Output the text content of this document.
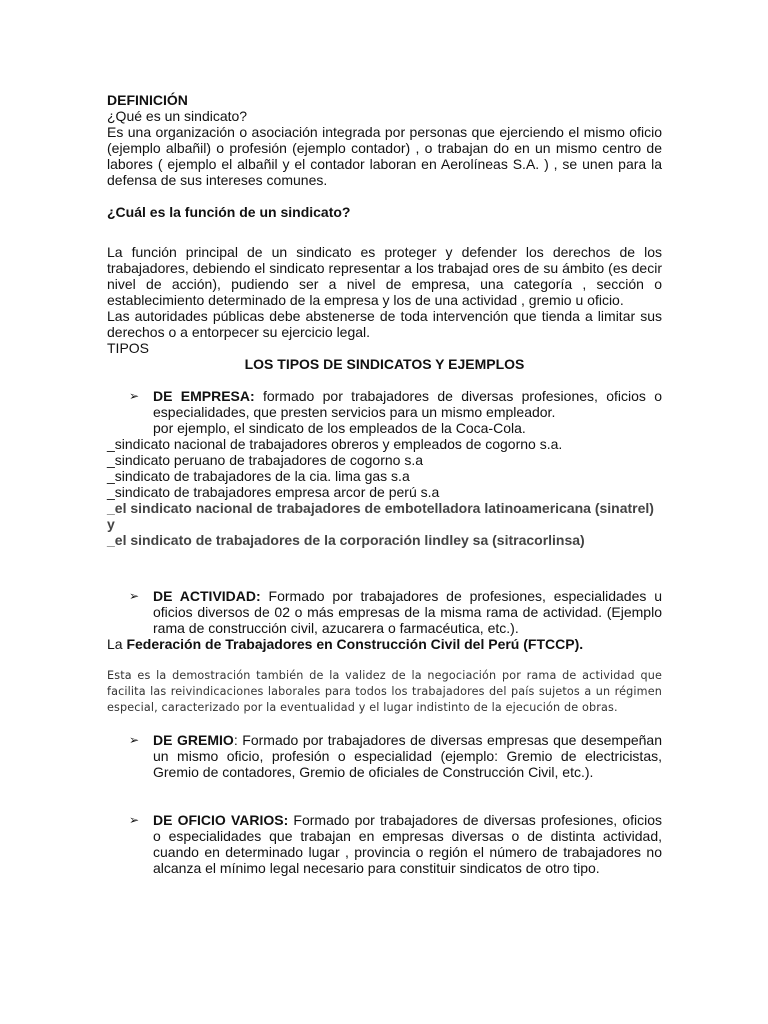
DEFINICIÓN

¿Qué es un sindicato?

Es una organización o asociación integrada por personas que ejerciendo el mismo oficio (ejemplo albañil) o profesión (ejemplo contador) , o trabajan do en un mismo centro de labores ( ejemplo el albañil y el contador laboran en Aerolíneas S.A. ) , se unen para la defensa de sus intereses comunes.

¿Cuál es la función de un sindicato?

La función principal de un sindicato es proteger y defender los derechos de los trabajadores, debiendo el sindicato representar a los trabajad ores de su ámbito (es decir nivel de acción), pudiendo ser a nivel de empresa, una categoría , sección o establecimiento determinado de la empresa y los de una actividad , gremio u oficio.

Las autoridades públicas debe abstenerse de toda intervención que tienda a limitar sus derechos o a entorpecer su ejercicio legal.

TIPOS

LOS TIPOS DE SINDICATOS Y EJEMPLOS

➢ DE EMPRESA: formado por trabajadores de diversas profesiones, oficios o especialidades, que presten servicios para un mismo empleador.

por ejemplo, el sindicato de los empleados de la Coca-Cola.

_sindicato nacional de trabajadores obreros y empleados de cogorno s.a.

_sindicato peruano de trabajadores de cogorno s.a

_sindicato de trabajadores de la cia. lima gas s.a

_sindicato de trabajadores empresa arcor de perú s.a

_el sindicato nacional de trabajadores de embotelladora latinoamericana (sinatrel) y

_el sindicato de trabajadores de la corporación lindley sa (sitracorlinsa)

➢ DE ACTIVIDAD: Formado por trabajadores de profesiones, especialidades u oficios diversos de 02 o más empresas de la misma rama de actividad. (Ejemplo rama de construcción civil, azucarera o farmacéutica, etc.).

La Federación de Trabajadores en Construcción Civil del Perú (FTCCP).

Esta es la demostración también de la validez de la negociación por rama de actividad que facilita las reivindicaciones laborales para todos los trabajadores del país sujetos a un régimen especial, caracterizado por la eventualidad y el lugar indistinto de la ejecución de obras.

➢ DE GREMIO: Formado por trabajadores de diversas empresas que desempeñan un mismo oficio, profesión o especialidad (ejemplo: Gremio de electricistas, Gremio de contadores, Gremio de oficiales de Construcción Civil, etc.).
➢ DE OFICIO VARIOS: Formado por trabajadores de diversas profesiones, oficios o especialidades que trabajan en empresas diversas o de distinta actividad, cuando en determinado lugar , provincia o región el número de trabajadores no alcanza el mínimo legal necesario para constituir sindicatos de otro tipo.
